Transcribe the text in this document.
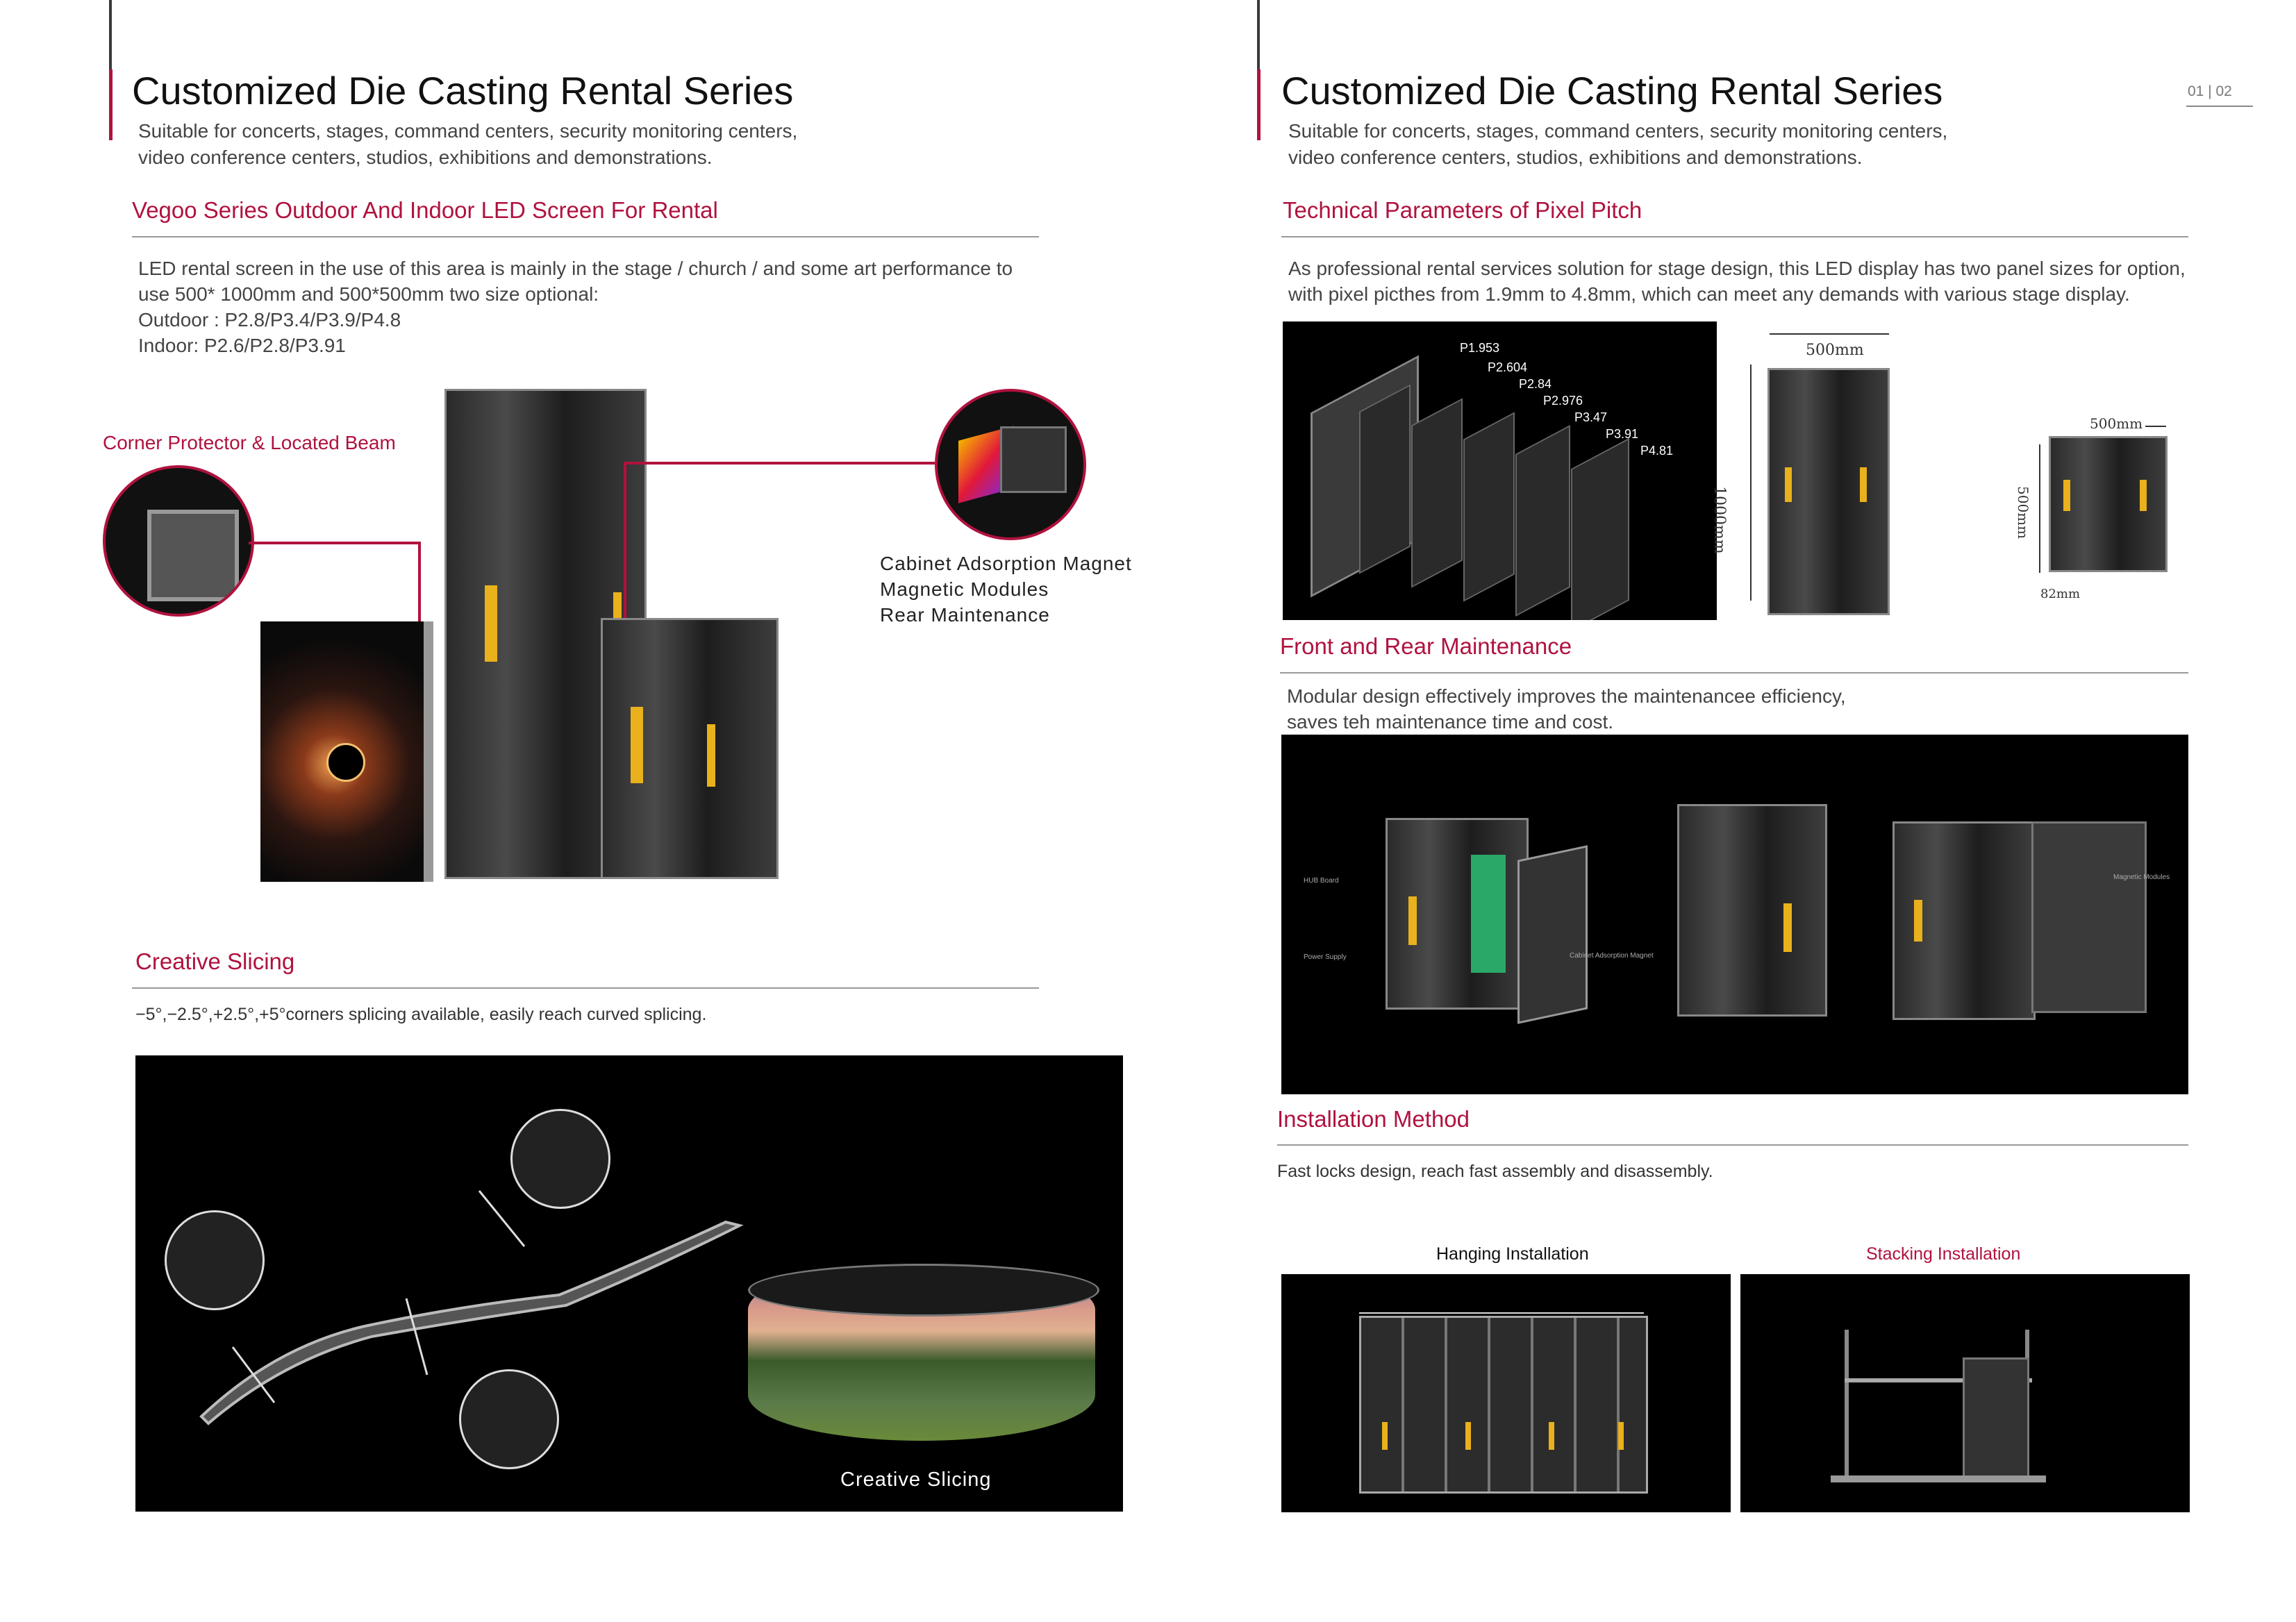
Customized Die Casting Rental Series
Suitable for concerts, stages, command centers, security monitoring centers,
video conference centers, studios, exhibitions and demonstrations.
Vegoo Series Outdoor And Indoor LED Screen For Rental
LED rental screen in the use of this area is mainly in the stage / church / and some art performance to
use 500* 1000mm and 500*500mm two size optional:
Outdoor : P2.8/P3.4/P3.9/P4.8
Indoor: P2.6/P2.8/P3.91
Corner Protector & Located Beam
Cabinet Adsorption Magnet
Magnetic Modules
Rear Maintenance
Creative Slicing
−5°,−2.5°,+2.5°,+5°corners splicing available, easily reach curved splicing.
Creative Slicing
01 | 02
Customized Die Casting Rental Series
Suitable for concerts, stages, command centers, security monitoring centers,
video conference centers, studios, exhibitions and demonstrations.
Technical Parameters of Pixel Pitch
As professional rental services solution for stage design, this LED display has two panel sizes for option,
with pixel picthes from 1.9mm to 4.8mm, which can meet any demands with various stage display.
P1.953
P2.604
P2.84
P2.976
P3.47
P3.91
P4.81
500mm
1000mm
500mm
500mm
82mm
Front and Rear Maintenance
Modular design effectively improves the maintenancee efficiency,
saves teh maintenance time and cost.
HUB Board
Power Supply	Cabinet Adsorption Magnet
Magnetic Modules
Installation Method
Fast locks design, reach fast assembly and disassembly.
Hanging Installation	Stacking Installation
